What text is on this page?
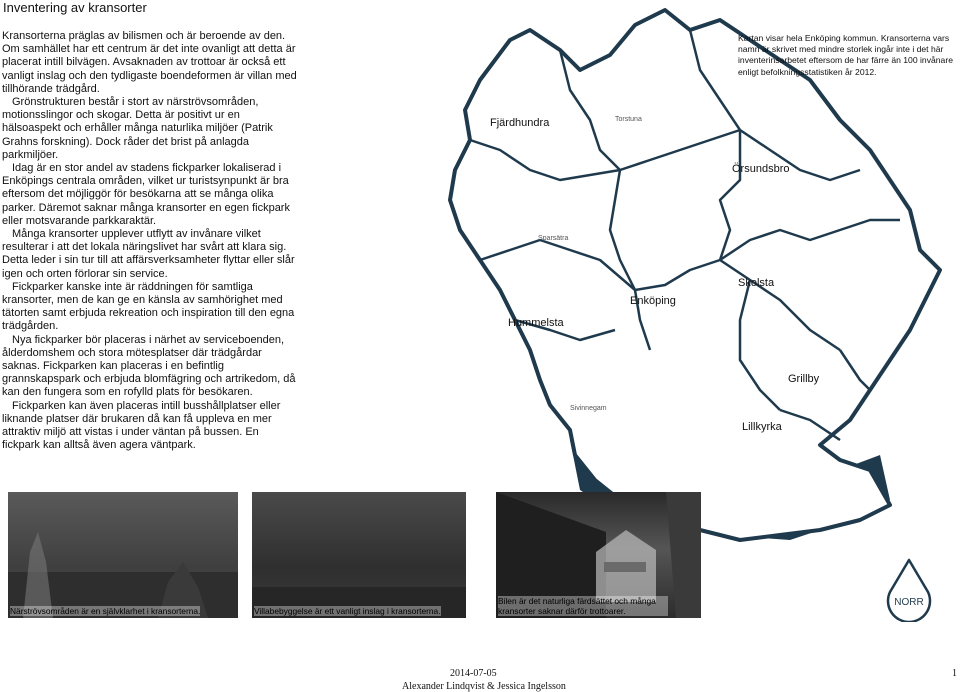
Inventering av kransorter

Kransorterna präglas av bilismen och är beroende av den. Om samhället har ett centrum är det inte ovanligt att detta är placerat intill bilvägen. Avsaknaden av trottoar är också ett vanligt inslag och den tydligaste boendeformen är villan med tillhörande trädgård.

Grönstrukturen består i stort av närströvsområden, motionsslingor och skogar. Detta är positivt ur en hälsoaspekt och erhåller många naturlika miljöer (Patrik Grahns forskning). Dock råder det brist på anlagda parkmiljöer.

Idag är en stor andel av stadens fickparker lokaliserad i Enköpings centrala områden, vilket ur turistsynpunkt är bra eftersom det möjliggör för besökarna att se många olika parker. Däremot saknar många kransorter en egen fickpark eller motsvarande parkkaraktär.

Många kransorter upplever utflytt av invånare vilket resulterar i att det lokala näringslivet har svårt att klara sig. Detta leder i sin tur till att affärsverksamheter flyttar eller slår igen och orten förlorar sin service.

Fickparker kanske inte är räddningen för samtliga kransorter, men de kan ge en känsla av samhörighet med tätorten samt erbjuda rekreation och inspiration till den egna trädgården.

Nya fickparker bör placeras i närhet av serviceboenden, ålderdomshem och stora mötesplatser där trädgårdar saknas. Fickparken kan placeras i en befintlig grannskapspark och erbjuda blomfägring och artrikedom, då kan den fungera som en rofylld plats för besökaren.

Fickparken kan även placeras intill busshållplatser eller liknande platser där brukaren då kan få uppleva en mer attraktiv miljö att vistas i under väntan på bussen. En fickpark kan alltså även agera väntpark.

Fjärdhundra
Örsundsbro
Enköping
Skolsta
Hummelsta
Grillby
Lillkyrka
Torstuna
Sparsätra
Sivinnegam
Sivinnegam
NORR
Kartan visar hela Enköping kommun. Kransorterna vars namn är skrivet med mindre storlek ingår inte i det här inventerinsarbetet eftersom de har färre än 100 invånare enligt befolkningsstatistiken år 2012.
Närströvsområden är en självklarhet i kransorterna.	Villabebyggelse är ett vanligt inslag i kransorterna.
Bilen är det naturliga färdsättet och många kransorter saknar därför trottoarer.
2014-07-05
Alexander Lindqvist & Jessica Ingelsson
1
